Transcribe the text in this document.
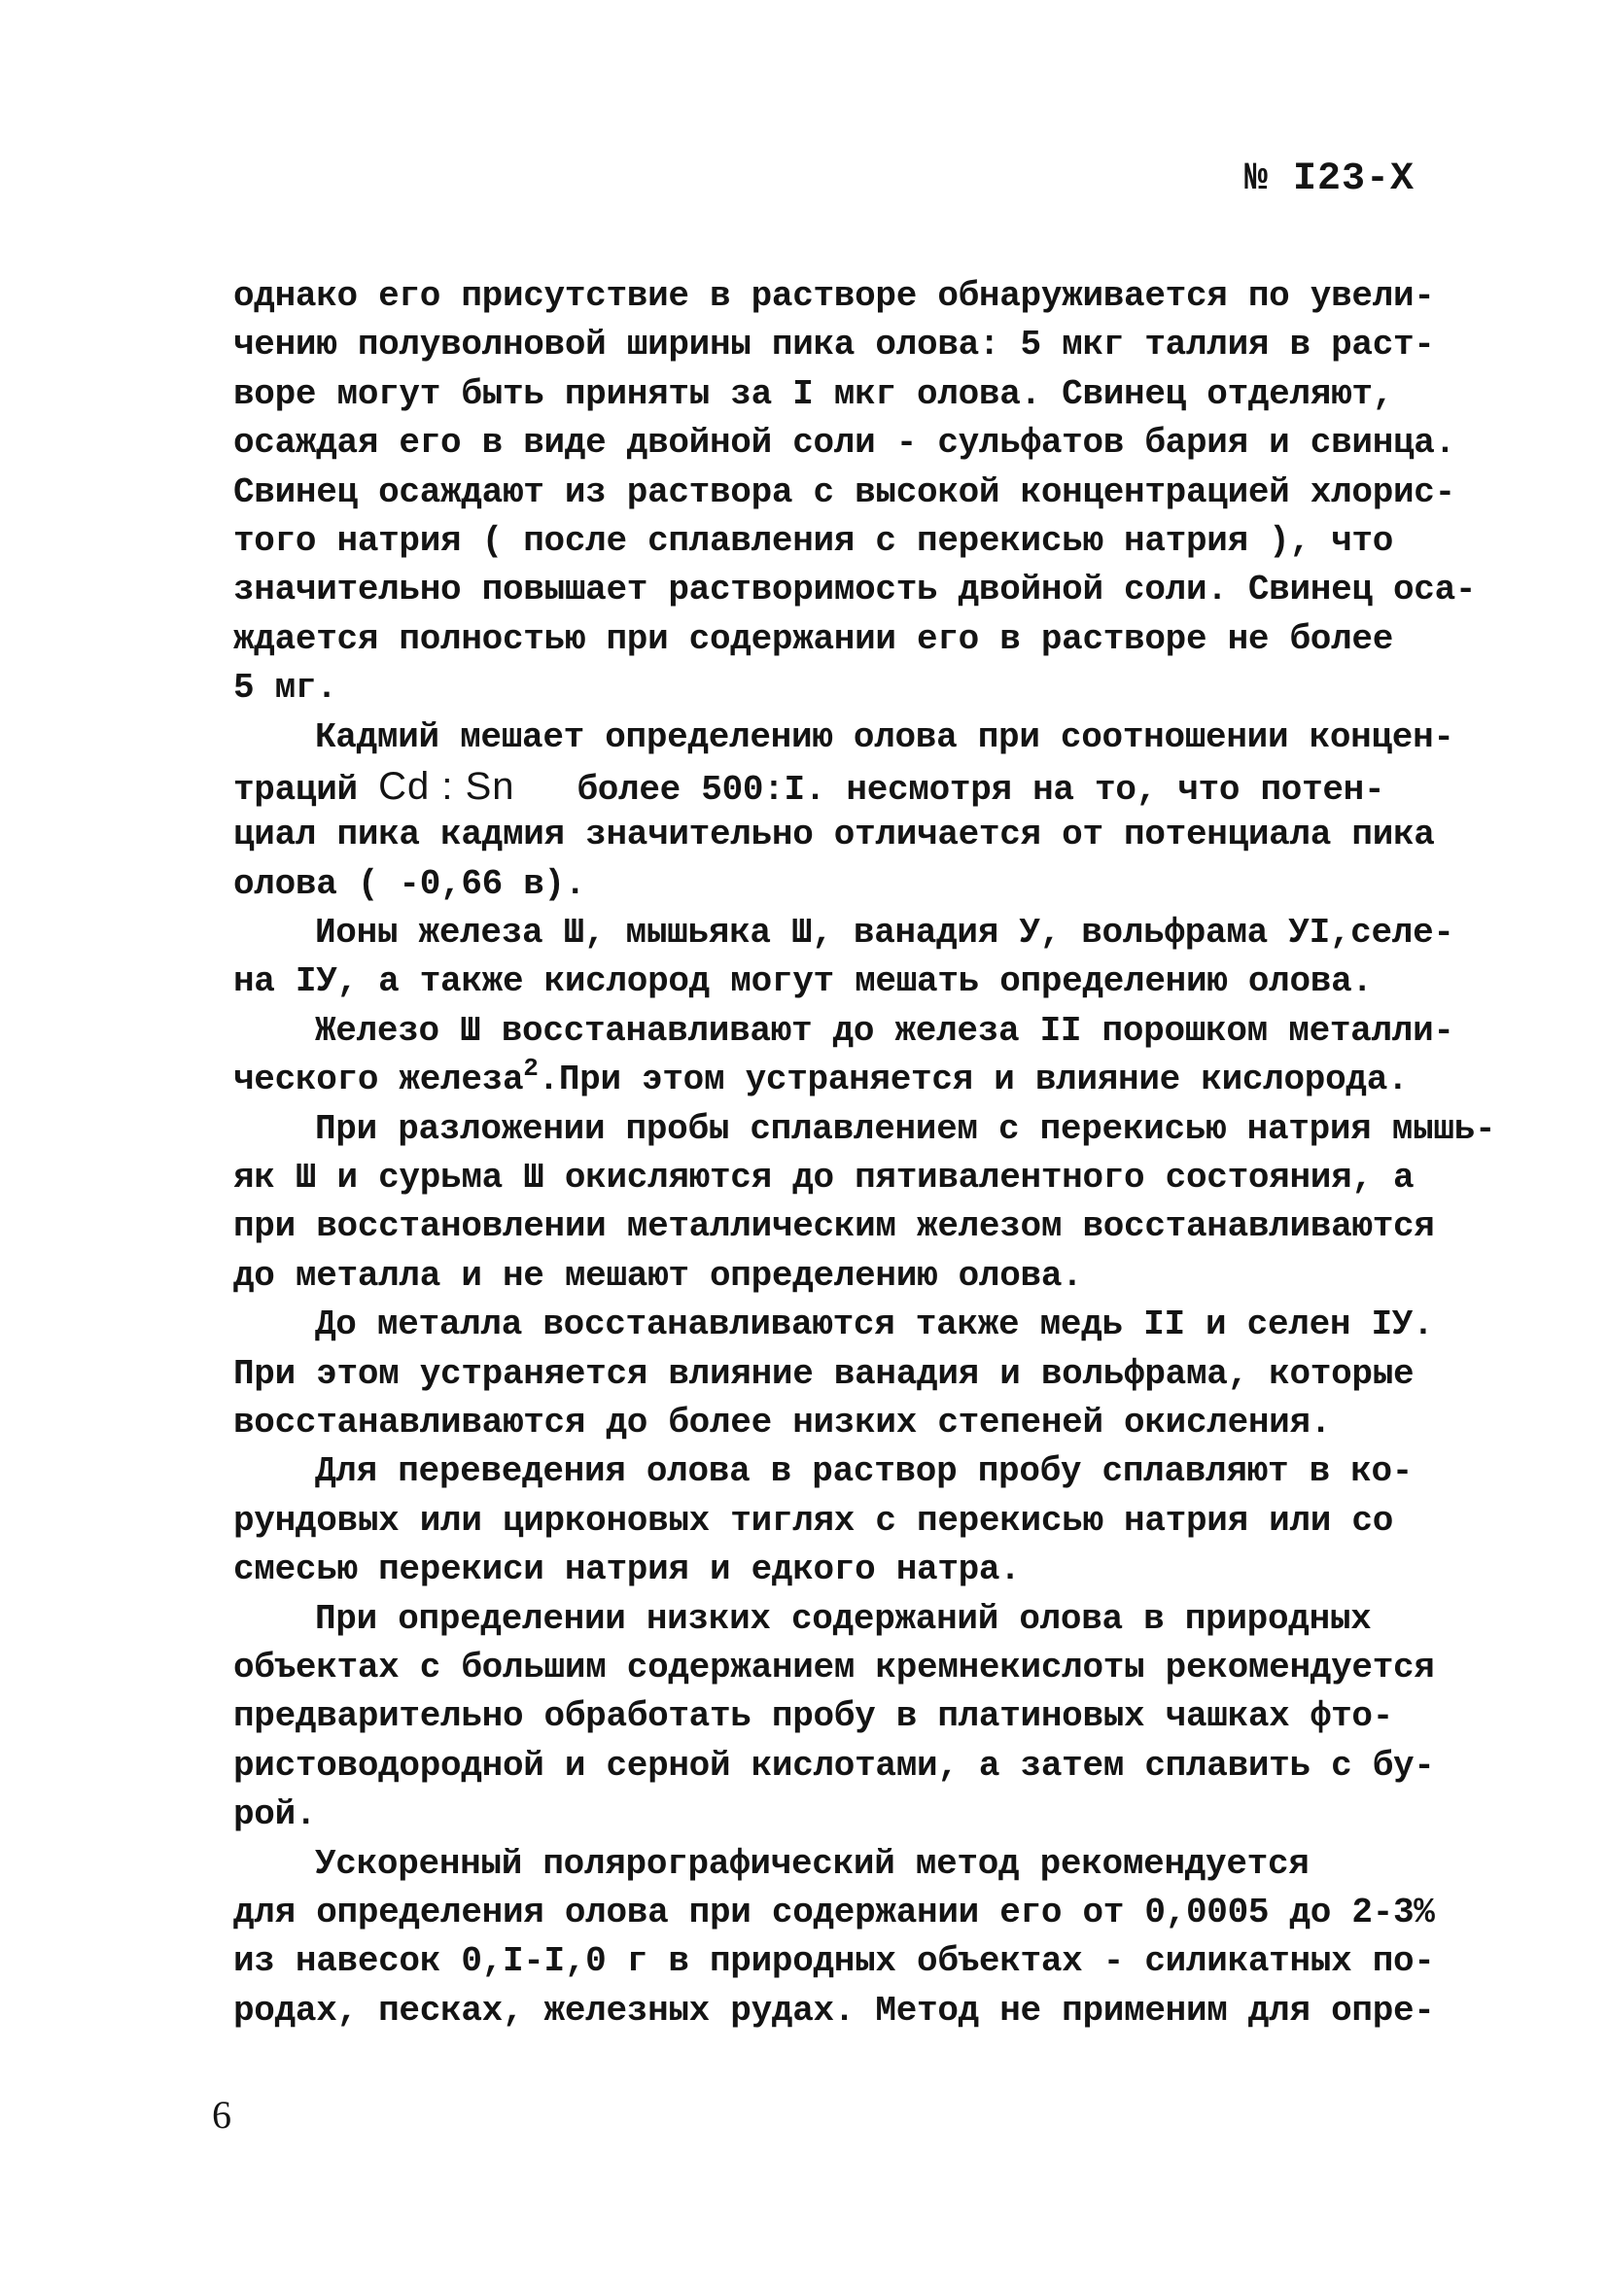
№ I23-X
однако его присутствие в растворе обнаруживается по увели-
чению полуволновой ширины пика олова: 5 мкг таллия в раст-
воре могут быть приняты за I мкг олова. Свинец отделяют,
осаждая его в виде двойной соли - сульфатов бария и свинца.
Свинец осаждают из раствора с высокой концентрацией хлорис-
того натрия ( после сплавления с перекисью натрия ), что
значительно повышает растворимость двойной соли. Свинец оса-
ждается полностью при содержании его в растворе не более
5 мг.
Кадмий мешает определению олова при соотношении концен-
траций Cd : Sn   более 500:I. несмотря на то, что потен-
циал пика кадмия значительно отличается от потенциала пика
олова ( -0,66 в).
Ионы железа Ш, мышьяка Ш, ванадия У, вольфрама УI,селе-
на IУ, а также кислород могут мешать определению олова.
Железо Ш восстанавливают до железа II порошком металли-
ческого железа$^2$.При этом устраняется и влияние кислорода.
При разложении пробы сплавлением с перекисью натрия мышь-
як Ш и сурьма Ш окисляются до пятивалентного состояния, а
при восстановлении металлическим железом восстанавливаются
до металла и не мешают определению олова.
До металла восстанавливаются также медь II и селен IУ.
При этом устраняется влияние ванадия и вольфрама, которые
восстанавливаются до более низких степеней окисления.
Для переведения олова в раствор пробу сплавляют в ко-
рундовых или цирконовых тиглях с перекисью натрия или со
смесью перекиси натрия и едкого натра.
При определении низких содержаний олова в природных
объектах с большим содержанием кремнекислоты рекомендуется
предварительно обработать пробу в платиновых чашках фто-
ристоводородной и серной кислотами, а затем сплавить с бу-
рой.
Ускоренный полярографический метод рекомендуется
для определения олова при содержании его от 0,0005 до 2-3%
из навесок 0,I-I,0 г в природных объектах - силикатных по-
родах, песках, железных рудах. Метод не применим для опре-
6
